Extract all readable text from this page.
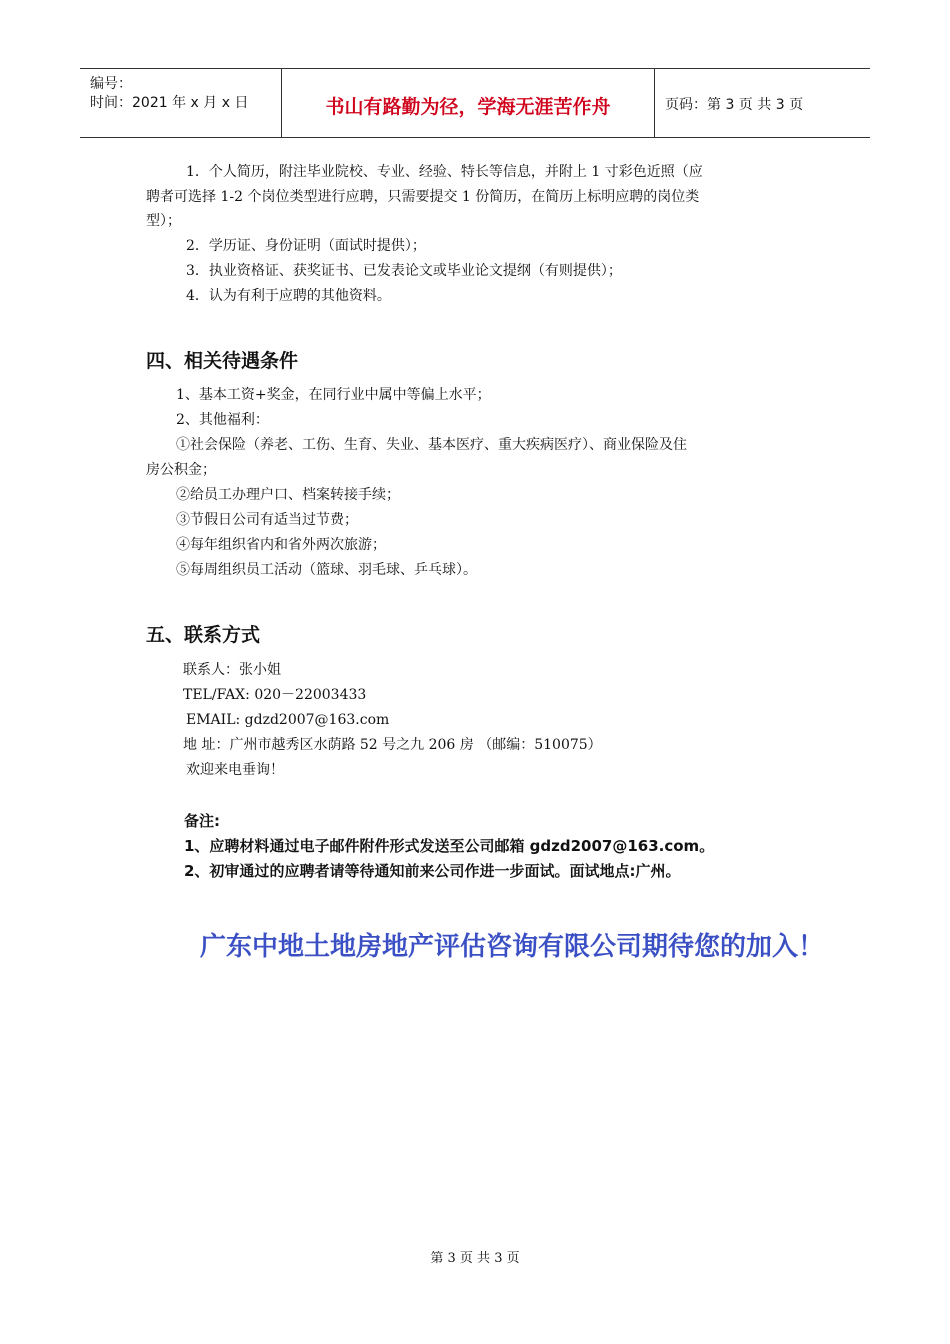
编号：
时间：2021 年 x 月 x 日	书山有路勤为径，学海无涯苦作舟	页码：第 3 页 共 3 页
1．个人简历，附注毕业院校、专业、经验、特长等信息，并附上 1 寸彩色近照（应
聘者可选择 1-2 个岗位类型进行应聘，只需要提交 1 份简历，在简历上标明应聘的岗位类
型）；
2．学历证、身份证明（面试时提供）；
3．执业资格证、获奖证书、已发表论文或毕业论文提纲（有则提供）；
4．认为有利于应聘的其他资料。
四、相关待遇条件
1、基本工资+奖金，在同行业中属中等偏上水平；
2、其他福利：
①社会保险（养老、工伤、生育、失业、基本医疗、重大疾病医疗）、商业保险及住
房公积金；
②给员工办理户口、档案转接手续；
③节假日公司有适当过节费；
④每年组织省内和省外两次旅游；
⑤每周组织员工活动（篮球、羽毛球、乒乓球）。
五、联系方式
联系人：张小姐
TEL/FAX: 020－22003433
EMAIL: gdzd2007@163.com
地 址：广州市越秀区水荫路 52 号之九 206 房 （邮编：510075）
欢迎来电垂询！
备注:
1、应聘材料通过电子邮件附件形式发送至公司邮箱 gdzd2007@163.com。
2、初审通过的应聘者请等待通知前来公司作进一步面试。面试地点:广州。
广东中地土地房地产评估咨询有限公司期待您的加入！
第 3 页 共 3 页
